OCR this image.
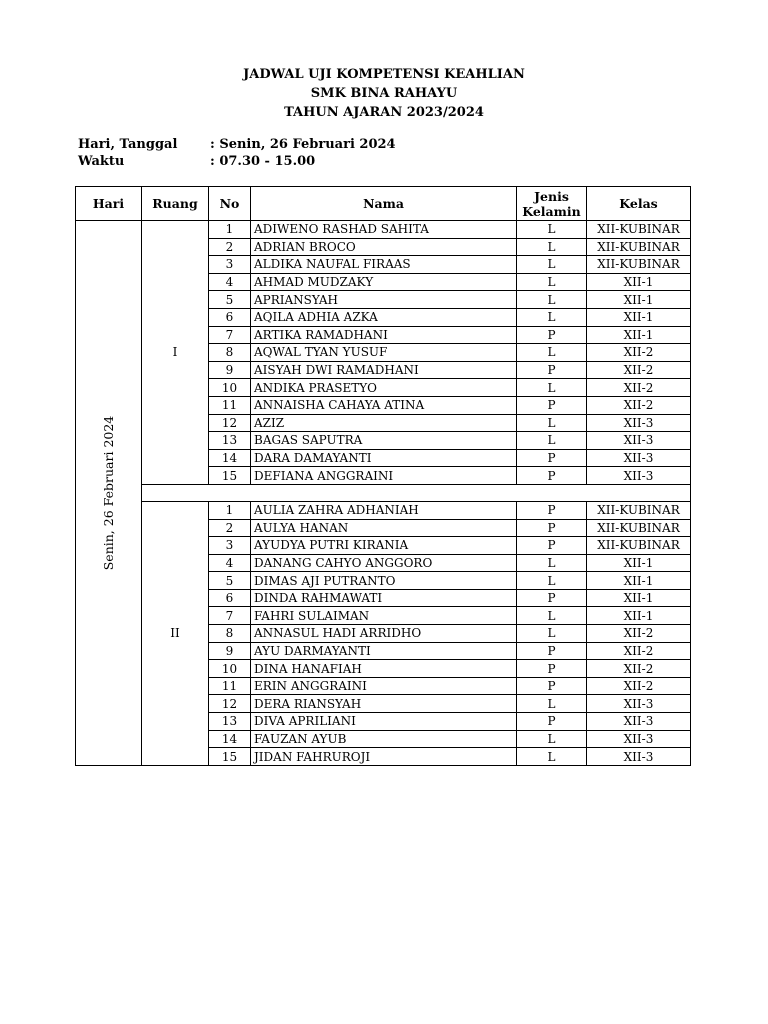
JADWAL UJI KOMPETENSI KEAHLIAN
SMK BINA RAHAYU
TAHUN AJARAN 2023/2024
Hari, Tanggal	: Senin, 26 Februari 2024
Waktu	: 07.30 - 15.00
Hari	Ruang	No	Nama	Jenis Kelamin	Kelas

Senin, 26 Februari 2024	I	1	ADIWENO RASHAD SAHITA	L	XII-KUBINAR
		2	ADRIAN BROCO	L	XII-KUBINAR
		3	ALDIKA NAUFAL FIRAAS	L	XII-KUBINAR
		4	AHMAD MUDZAKY	L	XII-1
		5	APRIANSYAH	L	XII-1
		6	AQILA ADHIA AZKA	L	XII-1
		7	ARTIKA RAMADHANI	P	XII-1
		8	AQWAL TYAN YUSUF	L	XII-2
		9	AISYAH DWI RAMADHANI	P	XII-2
		10	ANDIKA PRASETYO	L	XII-2
		11	ANNAISHA CAHAYA ATINA	P	XII-2
		12	AZIZ	L	XII-3
		13	BAGAS SAPUTRA	L	XII-3
		14	DARA DAMAYANTI	P	XII-3
		15	DEFIANA ANGGRAINI	P	XII-3

	II	1	AULIA ZAHRA ADHANIAH	P	XII-KUBINAR
		2	AULYA HANAN	P	XII-KUBINAR
		3	AYUDYA PUTRI KIRANIA	P	XII-KUBINAR
		4	DANANG CAHYO ANGGORO	L	XII-1
		5	DIMAS AJI PUTRANTO	L	XII-1
		6	DINDA RAHMAWATI	P	XII-1
		7	FAHRI SULAIMAN	L	XII-1
		8	ANNASUL HADI ARRIDHO	L	XII-2
		9	AYU DARMAYANTI	P	XII-2
		10	DINA HANAFIAH	P	XII-2
		11	ERIN ANGGRAINI	P	XII-2
		12	DERA RIANSYAH	L	XII-3
		13	DIVA APRILIANI	P	XII-3
		14	FAUZAN AYUB	L	XII-3
		15	JIDAN FAHRUROJI	L	XII-3
